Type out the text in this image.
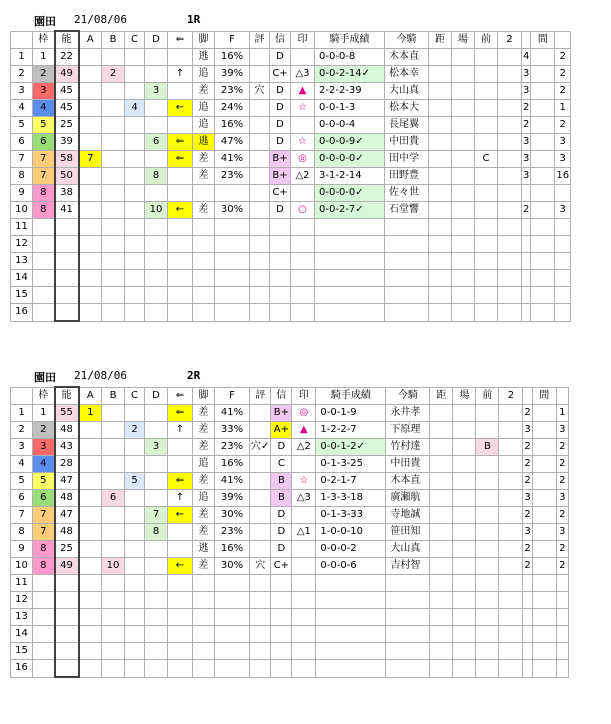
園田 21/08/06	1R
	枠	能	A	B	C	D	⇐	脚	F	評	信	印	騎手成績	今騎	距	場	前	2		間	
1	1	22						逃	16%		D		0-0-0-8	木本直					4		2
2	2	49		2			↑	追	39%		C+	△3	0-0-2-14✓	松本幸					3		2
3	3	45				3		差	23%	穴	D	▲	2-2-2-39	大山真					3		2
4	4	45			4		←	追	24%		D	☆	0-0-1-3	松本大					2		1
5	5	25						追	16%		D		0-0-0-4	長尾翼					2		2
6	6	39				6	⇐	逃	47%		D	☆	0-0-0-9✓	中田貴					3		3
7	7	58	7				⇐	差	41%		B+	◎	0-0-0-0✓	田中学			C		3		3
8	7	50				8		差	23%		B+	△2	3-1-2-14	田野豊					3		16
9	8	38									C+		0-0-0-0✓	佐々世							
10	8	41				10	←	差	30%		D	○	0-0-2-7✓	石堂響					2		3
11																					
12																					
13																					
14																					
15																					
16																					
園田 21/08/06	2R
	枠	能	A	B	C	D	⇐	脚	F	評	信	印	騎手成績	今騎	距	場	前	2		間	
1	1	55	1				⇐	差	41%		B+	◎	0-0-1-9	永井孝					2		1
2	2	48			2		↑	差	33%		A+	▲	1-2-2-7	下原理					3		3
3	3	43				3		差	23%	穴✓	D	△2	0-0-1-2✓	竹村達			B		2		2
4	4	28						追	16%		C		0-1-3-25	中田貴					2		2
5	5	47			5		⇐	差	41%		B	☆	0-2-1-7	木本直					2		2
6	6	48		6			↑	追	39%		B	△3	1-3-3-18	廣瀬航					3		3
7	7	47				7	←	差	30%		D		0-1-3-33	寺地誠					2		2
8	7	48				8		差	23%		D	△1	1-0-0-10	笹田知					3		3
9	8	25						逃	16%		D		0-0-0-2	大山真					2		2
10	8	49		10			←	差	30%	穴	C+		0-0-0-6	吉村智					2		2
11																					
12																					
13																					
14																					
15																					
16																					
